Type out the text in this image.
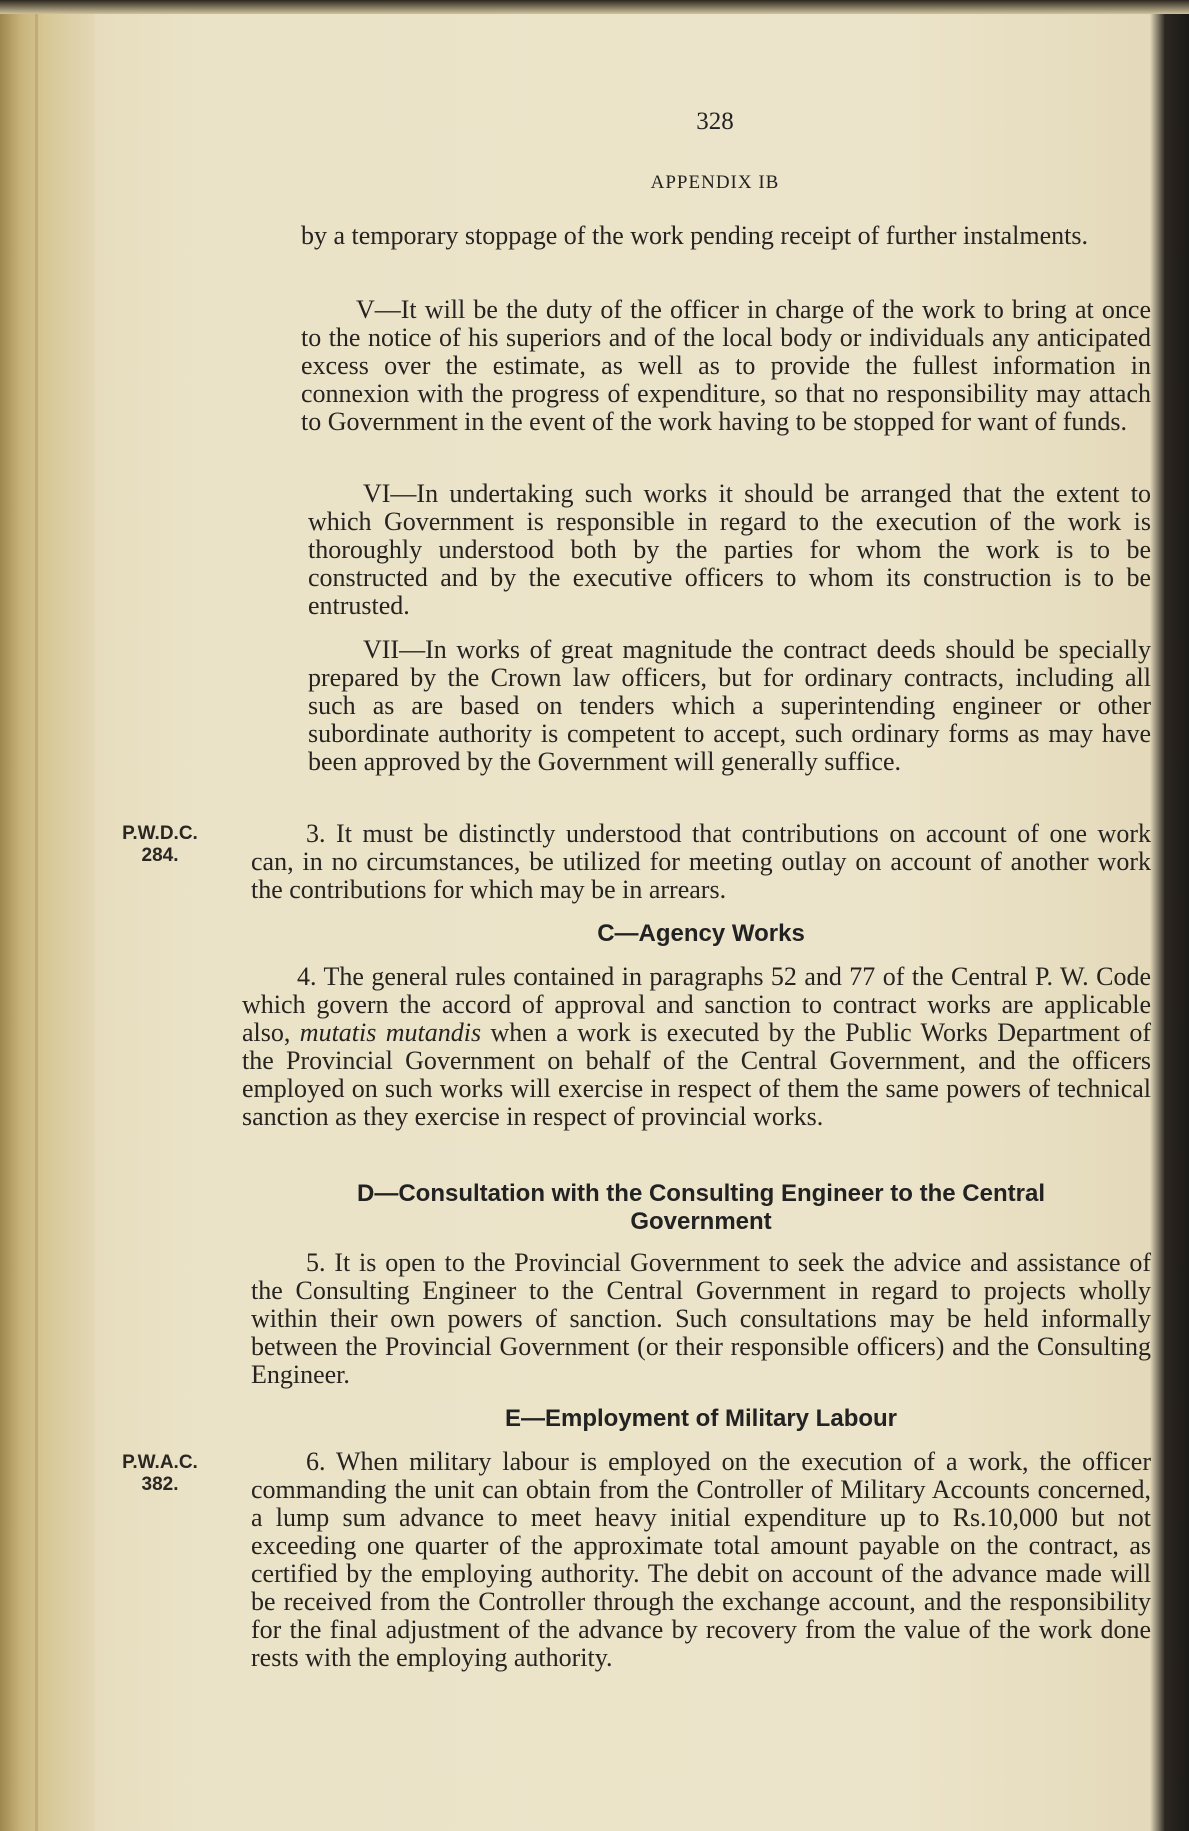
328
APPENDIX IB

by a temporary stoppage of the work pending receipt of further instalments.

V—It will be the duty of the officer in charge of the work to bring at once to the notice of his superiors and of the local body or individuals any anticipated excess over the estimate, as well as to provide the fullest information in connexion with the progress of expenditure, so that no responsibility may attach to Government in the event of the work having to be stopped for want of funds.

VI—In undertaking such works it should be arranged that the extent to which Government is responsible in regard to the execution of the work is thoroughly understood both by the parties for whom the work is to be constructed and by the executive officers to whom its construction is to be entrusted.

VII—In works of great magnitude the contract deeds should be specially prepared by the Crown law officers, but for ordinary contracts, including all such as are based on tenders which a superintending engineer or other subordinate authority is competent to accept, such ordinary forms as may have been approved by the Government will generally suffice.

P.W.D.C.
284.

3. It must be distinctly understood that contributions on account of one work can, in no circumstances, be utilized for meeting outlay on account of another work the contributions for which may be in arrears.

C—Agency Works

4. The general rules contained in paragraphs 52 and 77 of the Central P. W. Code which govern the accord of approval and sanction to contract works are applicable also, mutatis mutandis when a work is executed by the Public Works Department of the Provincial Government on behalf of the Central Government, and the officers employed on such works will exercise in respect of them the same powers of technical sanction as they exercise in respect of provincial works.

D—Consultation with the Consulting Engineer to the Central
Government

5. It is open to the Provincial Government to seek the advice and assistance of the Consulting Engineer to the Central Government in regard to projects wholly within their own powers of sanction. Such consultations may be held informally between the Provincial Government (or their responsible officers) and the Consulting Engineer.

E—Employment of Military Labour
P.W.A.C.
382.

6. When military labour is employed on the execution of a work, the officer commanding the unit can obtain from the Controller of Military Accounts concerned, a lump sum advance to meet heavy initial expenditure up to Rs.10,000 but not exceeding one quarter of the approximate total amount payable on the contract, as certified by the employing authority. The debit on account of the advance made will be received from the Controller through the exchange account, and the responsibility for the final adjustment of the advance by recovery from the value of the work done rests with the employing authority.
